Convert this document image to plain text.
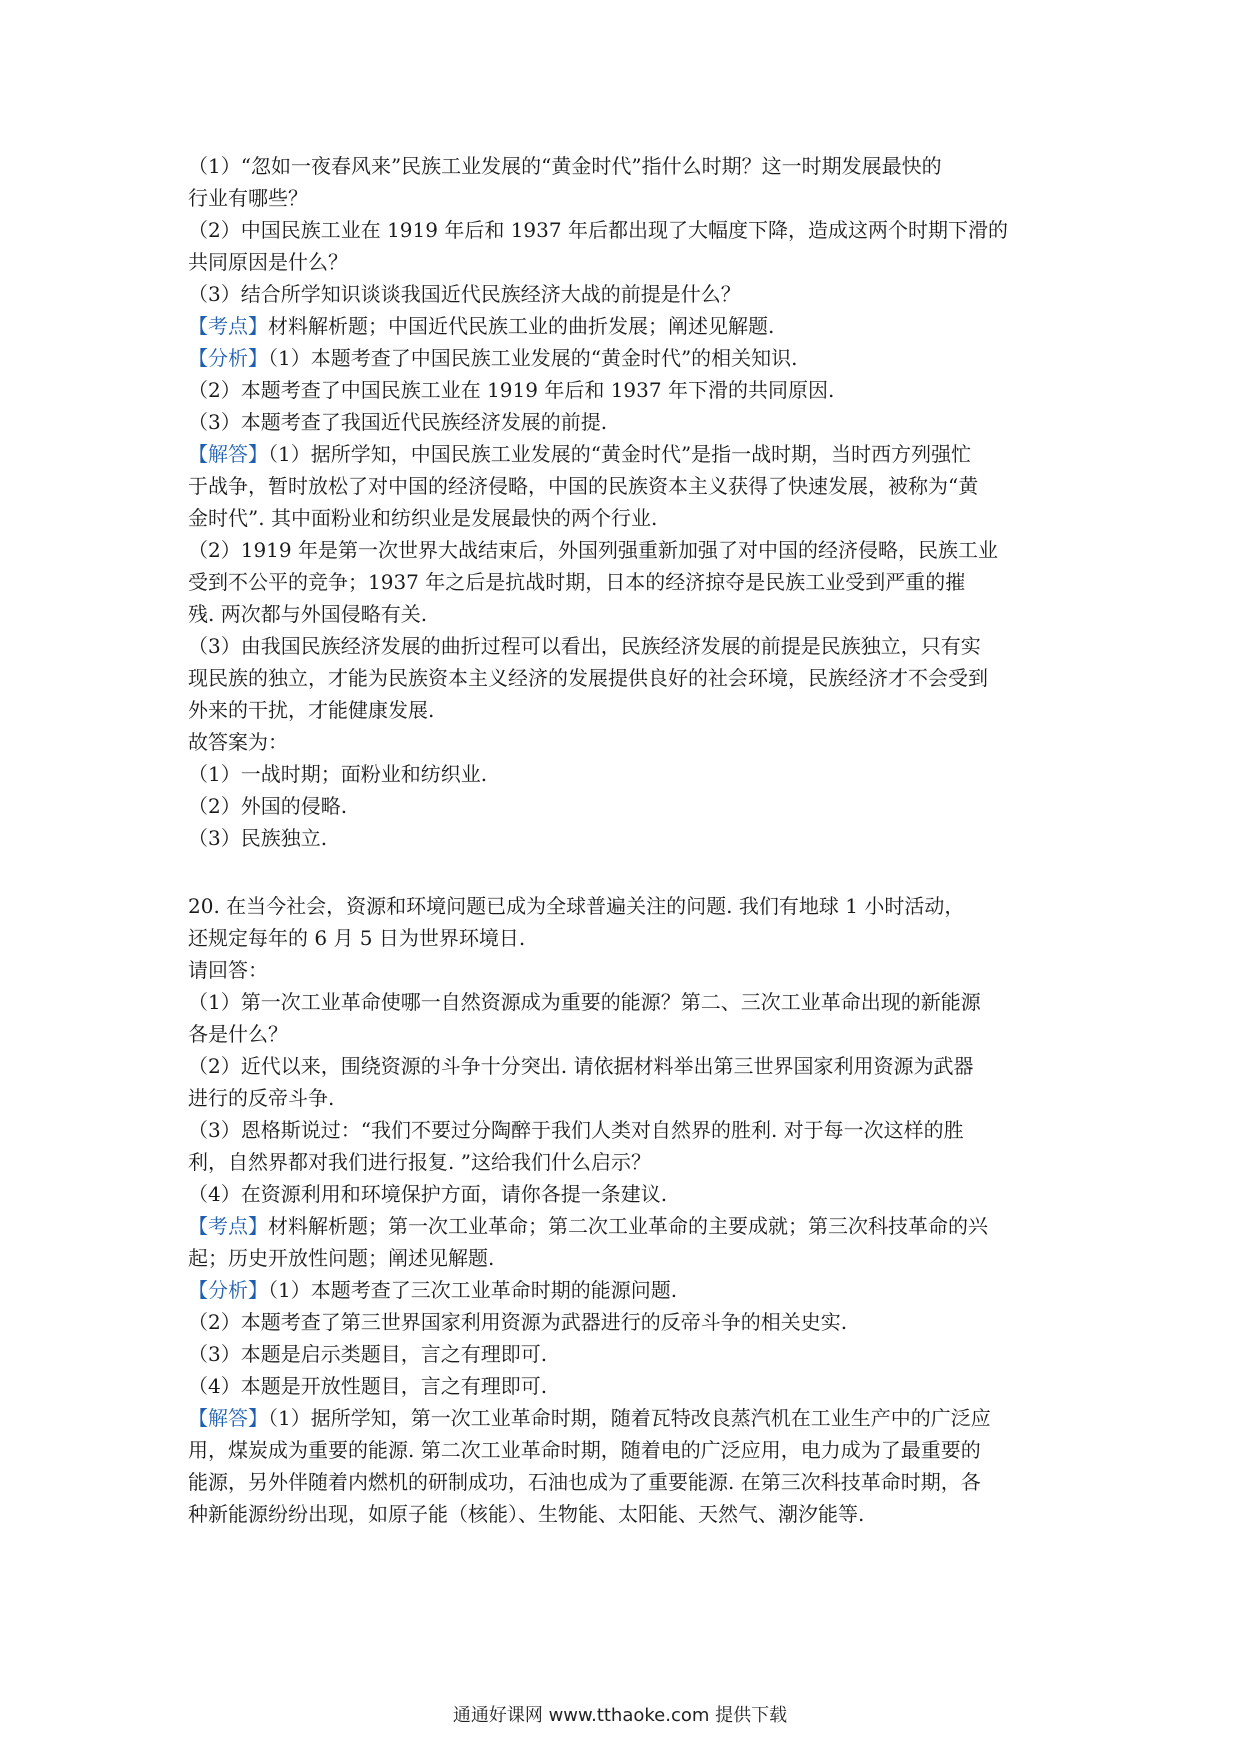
（1）“忽如一夜春风来”民族工业发展的“黄金时代”指什么时期？这一时期发展最快的
行业有哪些？
（2）中国民族工业在 1919 年后和 1937 年后都出现了大幅度下降，造成这两个时期下滑的
共同原因是什么？
（3）结合所学知识谈谈我国近代民族经济大战的前提是什么？
【考点】材料解析题；中国近代民族工业的曲折发展；阐述见解题.
【分析】（1）本题考查了中国民族工业发展的“黄金时代”的相关知识.
（2）本题考查了中国民族工业在 1919 年后和 1937 年下滑的共同原因.
（3）本题考查了我国近代民族经济发展的前提.
【解答】（1）据所学知，中国民族工业发展的“黄金时代”是指一战时期，当时西方列强忙
于战争，暂时放松了对中国的经济侵略，中国的民族资本主义获得了快速发展，被称为“黄
金时代”. 其中面粉业和纺织业是发展最快的两个行业.
（2）1919 年是第一次世界大战结束后，外国列强重新加强了对中国的经济侵略，民族工业
受到不公平的竞争；1937 年之后是抗战时期，日本的经济掠夺是民族工业受到严重的摧
残. 两次都与外国侵略有关.
（3）由我国民族经济发展的曲折过程可以看出，民族经济发展的前提是民族独立，只有实
现民族的独立，才能为民族资本主义经济的发展提供良好的社会环境，民族经济才不会受到
外来的干扰，才能健康发展.
故答案为：
（1）一战时期；面粉业和纺织业.
（2）外国的侵略.
（3）民族独立.
20. 在当今社会，资源和环境问题已成为全球普遍关注的问题. 我们有地球 1 小时活动，
还规定每年的 6 月 5 日为世界环境日.
请回答：
（1）第一次工业革命使哪一自然资源成为重要的能源？第二、三次工业革命出现的新能源
各是什么？
（2）近代以来，围绕资源的斗争十分突出. 请依据材料举出第三世界国家利用资源为武器
进行的反帝斗争.
（3）恩格斯说过：“我们不要过分陶醉于我们人类对自然界的胜利. 对于每一次这样的胜
利，自然界都对我们进行报复. ”这给我们什么启示？
（4）在资源利用和环境保护方面，请你各提一条建议.
【考点】材料解析题；第一次工业革命；第二次工业革命的主要成就；第三次科技革命的兴
起；历史开放性问题；阐述见解题.
【分析】（1）本题考查了三次工业革命时期的能源问题.
（2）本题考查了第三世界国家利用资源为武器进行的反帝斗争的相关史实.
（3）本题是启示类题目，言之有理即可.
（4）本题是开放性题目，言之有理即可.
【解答】（1）据所学知，第一次工业革命时期，随着瓦特改良蒸汽机在工业生产中的广泛应
用，煤炭成为重要的能源. 第二次工业革命时期，随着电的广泛应用，电力成为了最重要的
能源，另外伴随着内燃机的研制成功，石油也成为了重要能源. 在第三次科技革命时期，各
种新能源纷纷出现，如原子能（核能）、生物能、太阳能、天然气、潮汐能等.
通通好课网 www.tthaoke.com 提供下载
